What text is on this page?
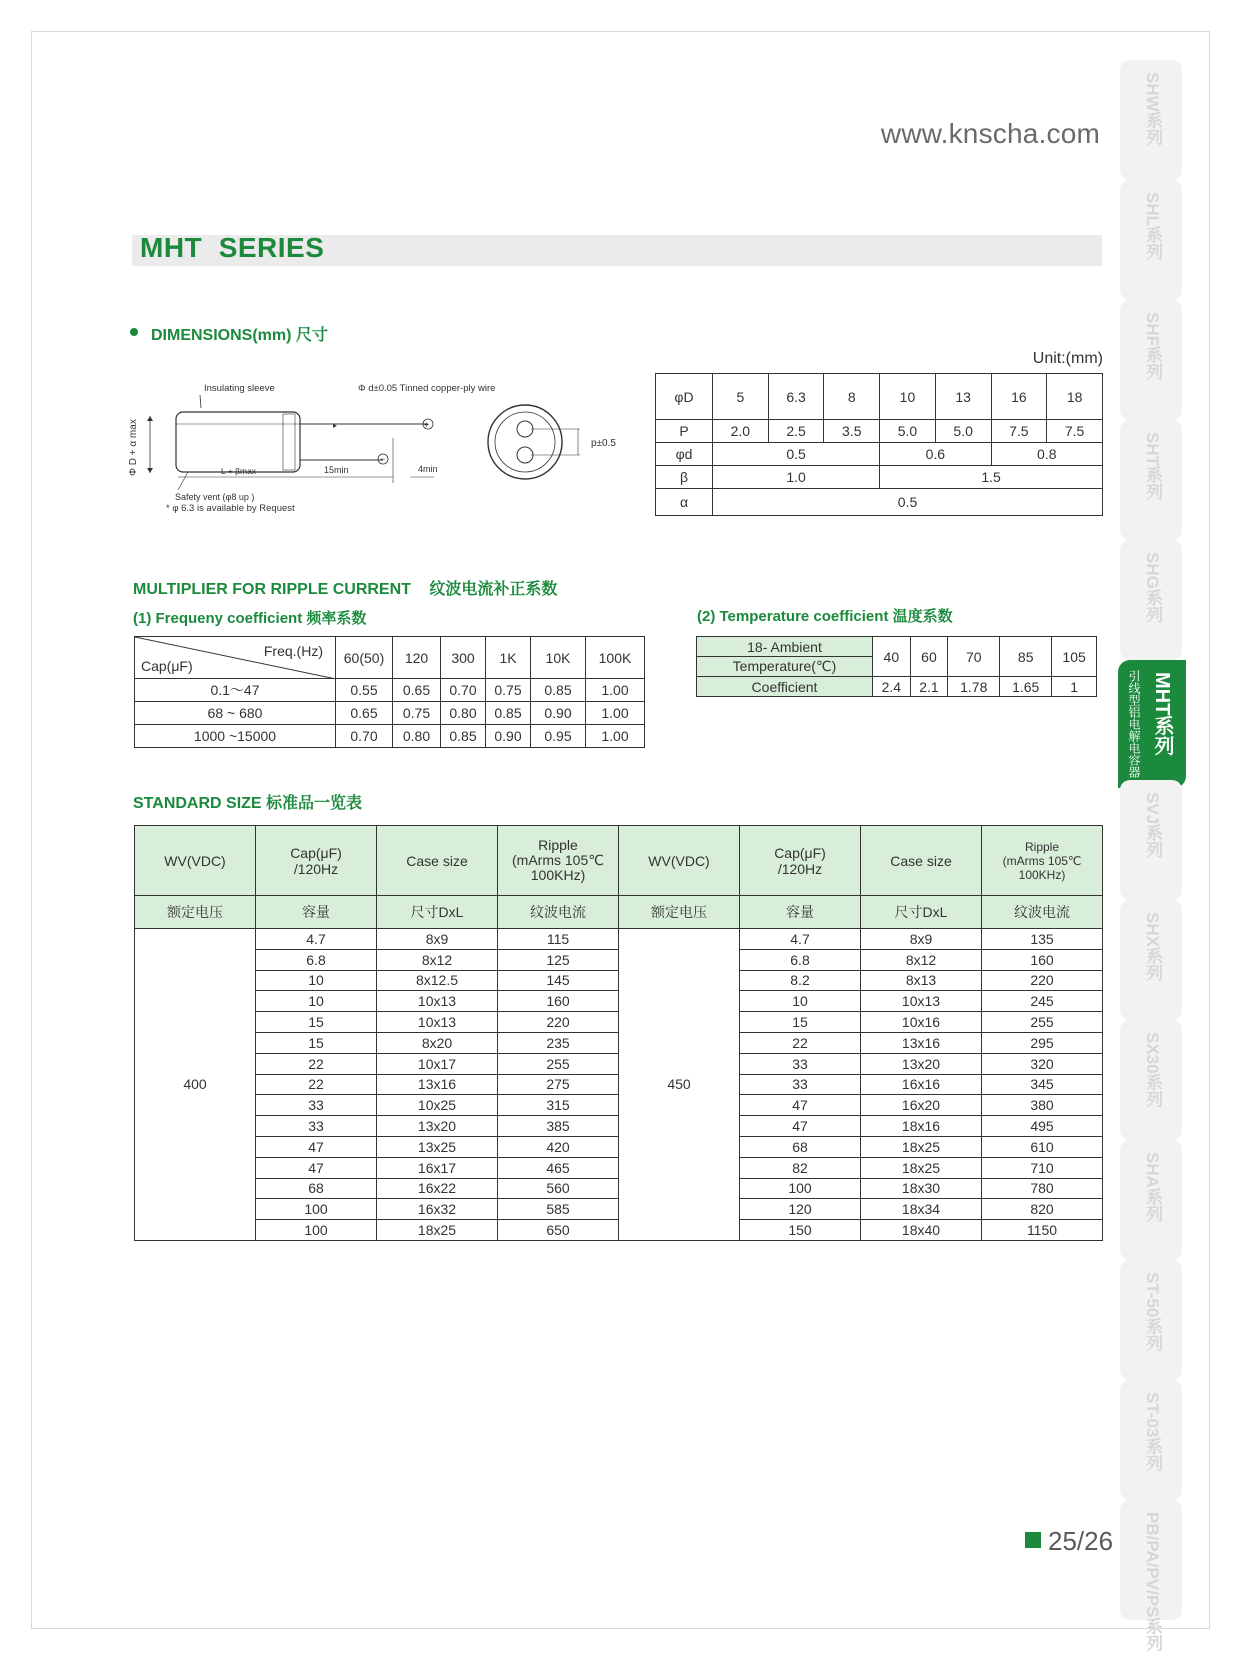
www.knscha.com
MHT  SERIES
DIMENSIONS(mm) 尺寸
Unit:(mm)
Insulating sleeve	Φ d±0.05 Tinned copper-ply wire
Φ D + α max	▸	+
−
L + βmax	15min	4min
Safety vent (φ8 up )
* φ 6.3 is available by Request
p±0.5
φD	5	6.3	8	10	13	16	18
P	2.0	2.5	3.5	5.0	5.0	7.5	7.5
φd	0.5			0.6		0.8	
β	1.0			1.5			
α	0.5						
MULTIPLIER FOR RIPPLE CURRENT 纹波电流补正系数
(1) Frequeny coefficient 频率系数	(2) Temperature coefficient 温度系数
Freq.(Hz)
Cap(μF)	60(50)	120	300	1K	10K	100K
0.1～47	0.55	0.65	0.70	0.75	0.85	1.00
68 ~ 680	0.65	0.75	0.80	0.85	0.90	1.00
1000 ~15000	0.70	0.80	0.85	0.90	0.95	1.00
18- Ambient	40	60	70	85	105
Temperature(℃)					
Coefficient	2.4	2.1	1.78	1.65	1
STANDARD SIZE 标准品一览表
WV(VDC)	Cap(μF)
/120Hz	Case size	Ripple
(mArms 105℃
100KHz)	WV(VDC)	Cap(μF)
/120Hz	Case size	Ripple
(mArms 105℃
100KHz)
额定电压	容量	尺寸DxL	纹波电流	额定电压	容量	尺寸DxL	纹波电流
400	4.7	8x9	115	450	4.7	8x9	135
	6.8	8x12	125		6.8	8x12	160
	10	8x12.5	145		8.2	8x13	220
	10	10x13	160		10	10x13	245
	15	10x13	220		15	10x16	255
	15	8x20	235		22	13x16	295
	22	10x17	255		33	13x20	320
	22	13x16	275		33	16x16	345
	33	10x25	315		47	16x20	380
	33	13x20	385		47	18x16	495
	47	13x25	420		68	18x25	610
	47	16x17	465		82	18x25	710
	68	16x22	560		100	18x30	780
	100	16x32	585		120	18x34	820
	100	18x25	650		150	18x40	1150
25/26
SHW系列
SHL系列
SHF系列
SHT系列
SHG系列
MHT系列
引线型铝电解电容器
SVJ系列
SHX系列
SX30系列
SHA系列
ST-50系列
ST-03系列
PB/PA/PV/PS系列
